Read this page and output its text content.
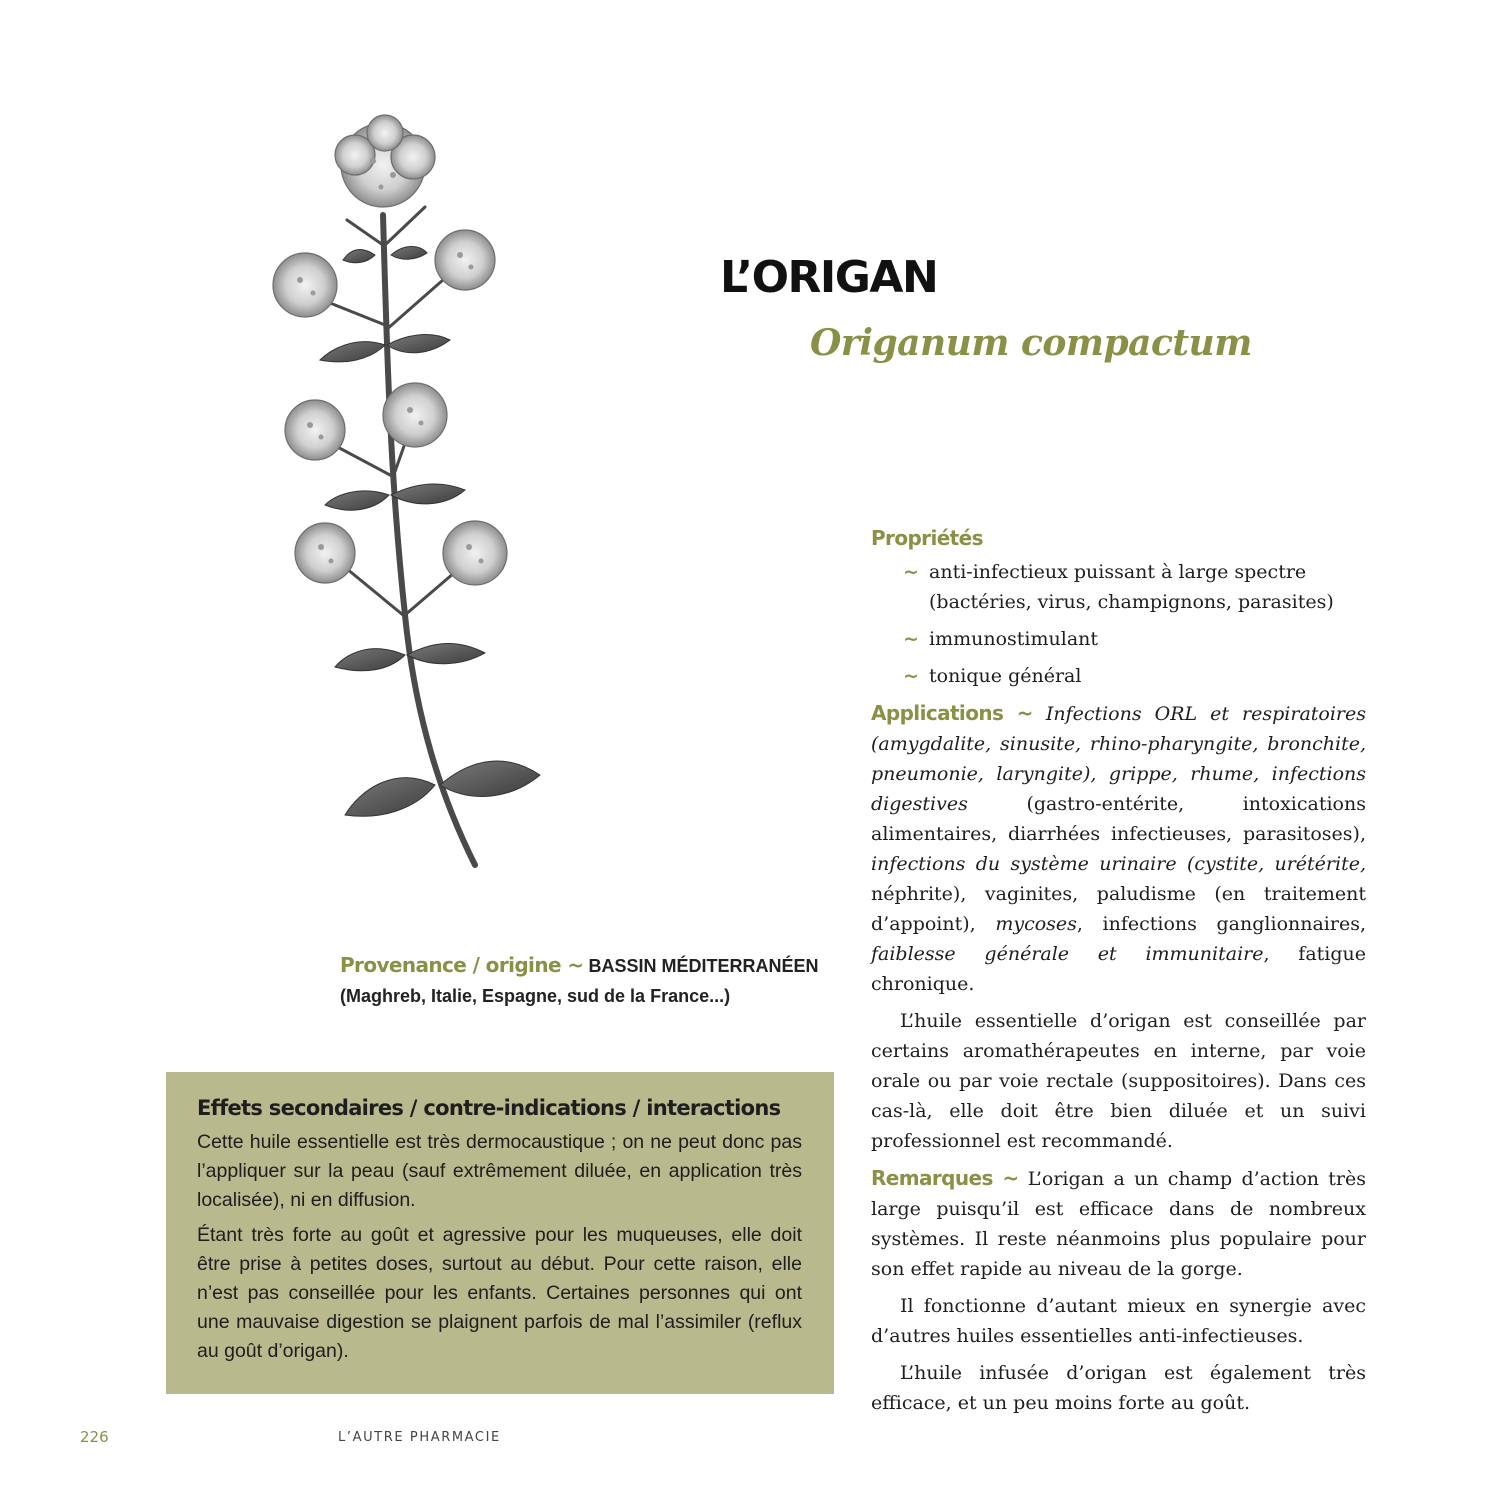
L’ORIGAN
Origanum compactum
Provenance / origine ~ BASSIN MÉDITERRANÉEN
(Maghreb, Italie, Espagne, sud de la France...)
Effets secondaires / contre-indications / interactions

Cette huile essentielle est très dermocaustique ; on ne peut donc pas l’appliquer sur la peau (sauf extrêmement diluée, en application très localisée), ni en diffusion.

Étant très forte au goût et agressive pour les muqueuses, elle doit être prise à petites doses, surtout au début. Pour cette raison, elle n’est pas conseillée pour les enfants. Certaines personnes qui ont une mauvaise digestion se plaignent parfois de mal l’assimiler (reflux au goût d’origan).

Propriétés
~ anti-infectieux puissant à large spectre (bactéries, virus, champignons, parasites)
~ immunostimulant
~ tonique général

Applications ~ Infections ORL et respiratoires (amygdalite, sinusite, rhino-pharyngite, bronchite, pneumonie, laryngite), grippe, rhume, infections digestives (gastro-entérite, intoxications alimentaires, diarrhées infectieuses, parasitoses), infections du système urinaire (cystite, urétérite, néphrite), vaginites, paludisme (en traitement d’appoint), mycoses, infections ganglionnaires, faiblesse générale et immunitaire, fatigue chronique.

L’huile essentielle d’origan est conseillée par certains aromathérapeutes en interne, par voie orale ou par voie rectale (suppositoires). Dans ces cas-là, elle doit être bien diluée et un suivi professionnel est recommandé.

Remarques ~ L’origan a un champ d’action très large puisqu’il est efficace dans de nombreux systèmes. Il reste néanmoins plus populaire pour son effet rapide au niveau de la gorge.

Il fonctionne d’autant mieux en synergie avec d’autres huiles essentielles anti-infectieuses.

L’huile infusée d’origan est également très efficace, et un peu moins forte au goût.

226	L’AUTRE PHARMACIE
